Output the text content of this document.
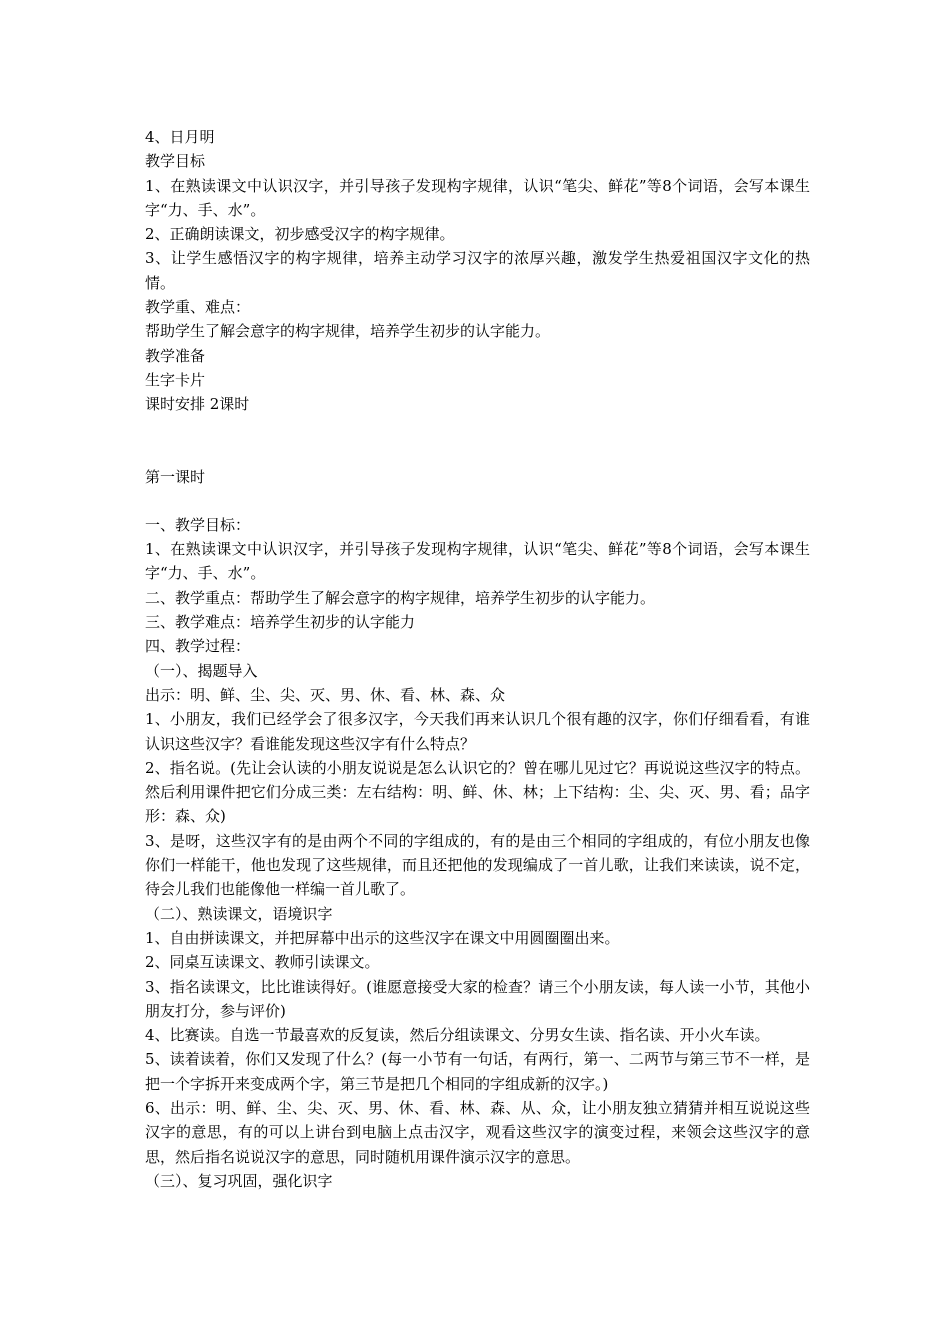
4、日月明

教学目标

1、在熟读课文中认识汉字，并引导孩子发现构字规律，认识“笔尖、鲜花”等8个词语，会写本课生字“力、手、水”。

2、正确朗读课文，初步感受汉字的构字规律。

3、让学生感悟汉字的构字规律，培养主动学习汉字的浓厚兴趣，激发学生热爱祖国汉字文化的热情。

教学重、难点：

帮助学生了解会意字的构字规律，培养学生初步的认字能力。

教学准备

生字卡片

课时安排 2课时

第一课时

一、教学目标：

1、在熟读课文中认识汉字，并引导孩子发现构字规律，认识“笔尖、鲜花”等8个词语，会写本课生字“力、手、水”。

二、教学重点：帮助学生了解会意字的构字规律，培养学生初步的认字能力。

三、教学难点：培养学生初步的认字能力

四、教学过程：

（一）、揭题导入

出示：明、鲜、尘、尖、灭、男、休、看、林、森、众

1、小朋友，我们已经学会了很多汉字，今天我们再来认识几个很有趣的汉字，你们仔细看看，有谁认识这些汉字？看谁能发现这些汉字有什么特点？

2、指名说。(先让会认读的小朋友说说是怎么认识它的？曾在哪儿见过它？再说说这些汉字的特点。然后利用课件把它们分成三类：左右结构：明、鲜、休、林；上下结构：尘、尖、灭、男、看；品字形：森、众)

3、是呀，这些汉字有的是由两个不同的字组成的，有的是由三个相同的字组成的，有位小朋友也像你们一样能干，他也发现了这些规律，而且还把他的发现编成了一首儿歌，让我们来读读，说不定，待会儿我们也能像他一样编一首儿歌了。

（二）、熟读课文，语境识字

1、自由拼读课文，并把屏幕中出示的这些汉字在课文中用圆圈圈出来。

2、同桌互读课文、教师引读课文。

3、指名读课文，比比谁读得好。(谁愿意接受大家的检查？请三个小朋友读，每人读一小节，其他小朋友打分，参与评价)

4、比赛读。自选一节最喜欢的反复读，然后分组读课文、分男女生读、指名读、开小火车读。

5、读着读着，你们又发现了什么？(每一小节有一句话，有两行，第一、二两节与第三节不一样，是把一个字拆开来变成两个字，第三节是把几个相同的字组成新的汉字。)

6、出示：明、鲜、尘、尖、灭、男、休、看、林、森、从、众，让小朋友独立猜猜并相互说说这些汉字的意思，有的可以上讲台到电脑上点击汉字，观看这些汉字的演变过程，来领会这些汉字的意思，然后指名说说汉字的意思，同时随机用课件演示汉字的意思。

（三）、复习巩固，强化识字
